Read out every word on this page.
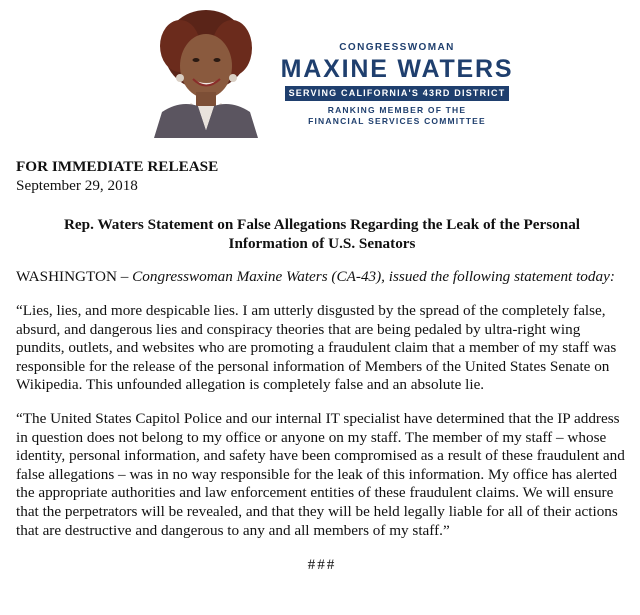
CONGRESSWOMAN
MAXINE WATERS
SERVING CALIFORNIA'S 43RD DISTRICT
RANKING MEMBER OF THE
FINANCIAL SERVICES COMMITTEE
FOR IMMEDIATE RELEASE
September 29, 2018
Rep. Waters Statement on False Allegations Regarding the Leak of the Personal Information of U.S. Senators
WASHINGTON – Congresswoman Maxine Waters (CA-43), issued the following statement today:
“Lies, lies, and more despicable lies. I am utterly disgusted by the spread of the completely false, absurd, and dangerous lies and conspiracy theories that are being pedaled by ultra-right wing pundits, outlets, and websites who are promoting a fraudulent claim that a member of my staff was responsible for the release of the personal information of Members of the United States Senate on Wikipedia. This unfounded allegation is completely false and an absolute lie.
“The United States Capitol Police and our internal IT specialist have determined that the IP address in question does not belong to my office or anyone on my staff. The member of my staff – whose identity, personal information, and safety have been compromised as a result of these fraudulent and false allegations – was in no way responsible for the leak of this information. My office has alerted the appropriate authorities and law enforcement entities of these fraudulent claims. We will ensure that the perpetrators will be revealed, and that they will be held legally liable for all of their actions that are destructive and dangerous to any and all members of my staff.”
###
